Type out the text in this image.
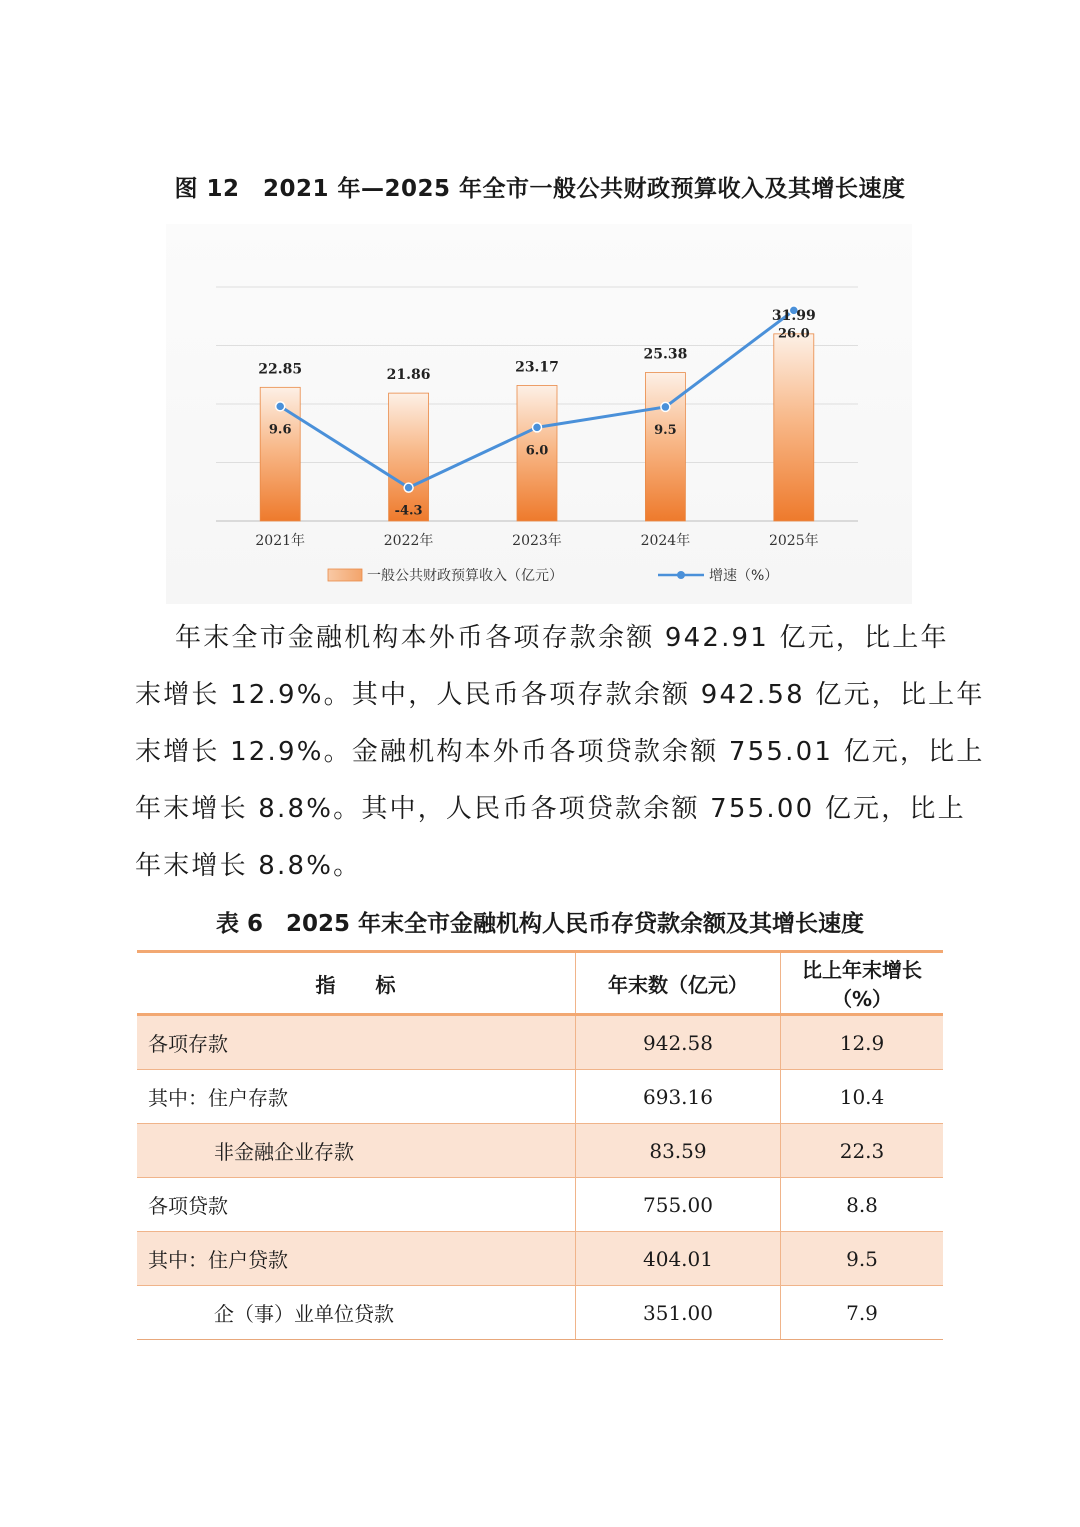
图 12　2021 年—2025 年全市一般公共财政预算收入及其增长速度
22.85	21.86	23.17
25.38
31.99
9.6
-4.3
6.0
9.5
26.0
2021年	2022年	2023年	2024年	2025年
一般公共财政预算收入（亿元）	增速（%）
年末全市金融机构本外币各项存款余额 942.91 亿元，比上年
末增长 12.9%。其中，人民币各项存款余额 942.58 亿元，比上年
末增长 12.9%。金融机构本外币各项贷款余额 755.01 亿元，比上
年末增长 8.8%。其中，人民币各项贷款余额 755.00 亿元，比上
年末增长 8.8%。
表 6　2025 年末全市金融机构人民币存贷款余额及其增长速度
指　　标	年末数（亿元）	比上年末增长（%）
各项存款	942.58	12.9
其中：住户存款	693.16	10.4
非金融企业存款	83.59	22.3
各项贷款	755.00	8.8
其中：住户贷款	404.01	9.5
企（事）业单位贷款	351.00	7.9
